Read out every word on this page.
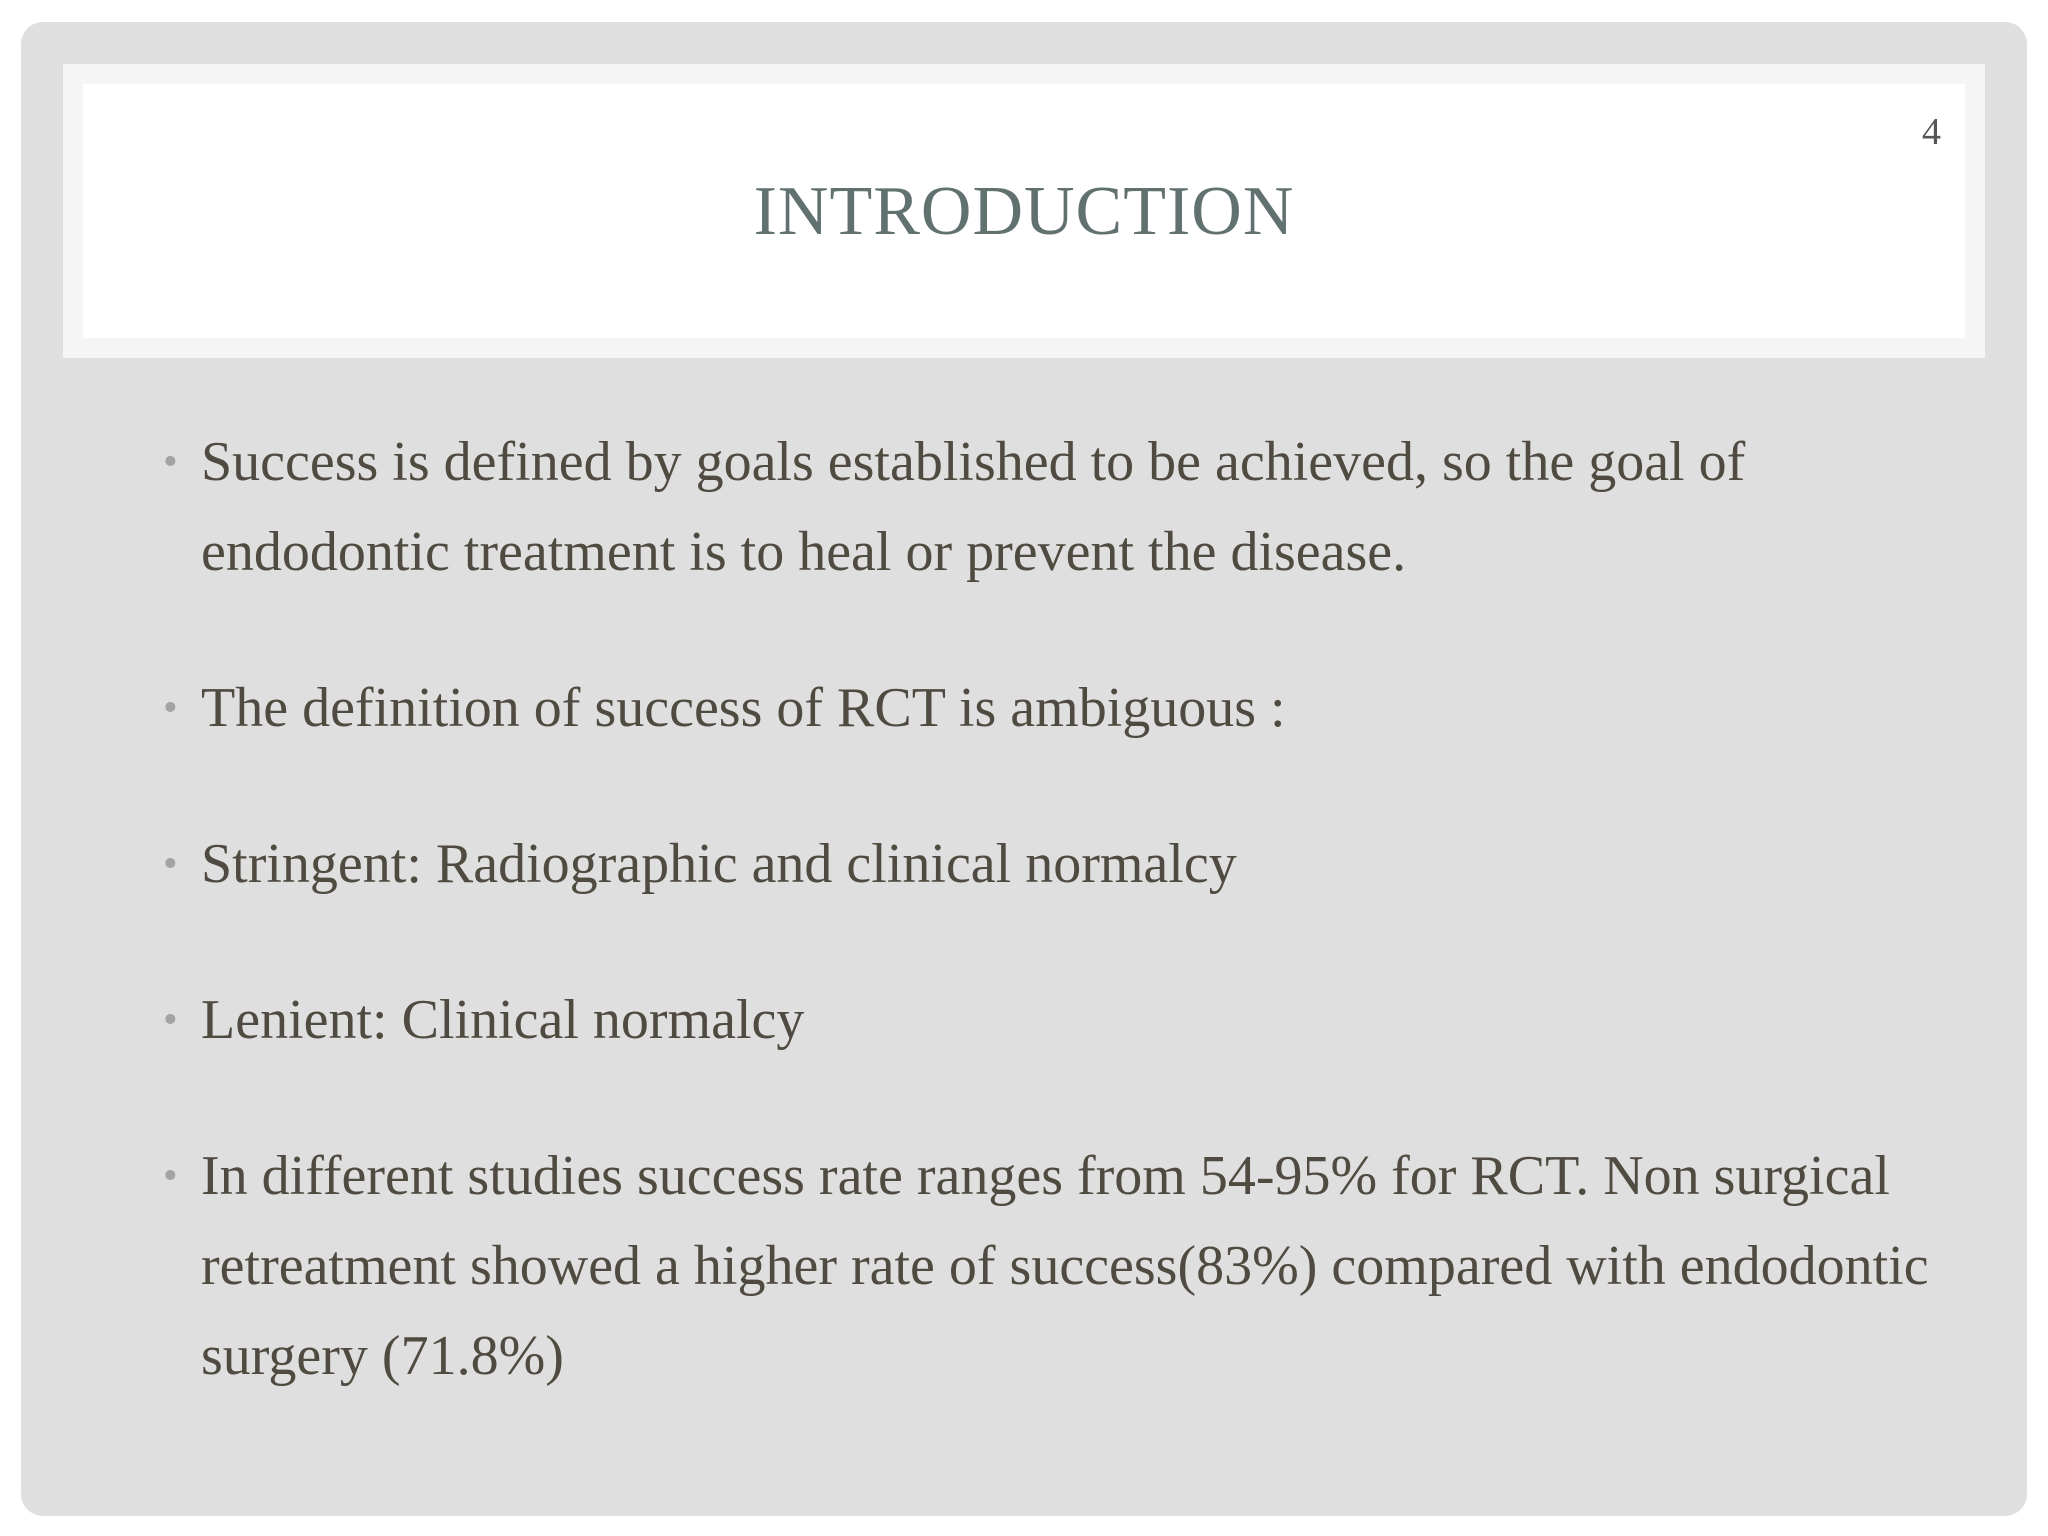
4
INTRODUCTION
• Success is defined by goals established to be achieved, so the goal of endodontic treatment is to heal or prevent the disease.
• The definition of success of RCT is ambiguous :
• Stringent: Radiographic and clinical normalcy
• Lenient: Clinical normalcy
• In different studies success rate ranges from 54-95% for RCT. Non surgical retreatment showed a higher rate of success(83%) compared with endodontic surgery (71.8%)
